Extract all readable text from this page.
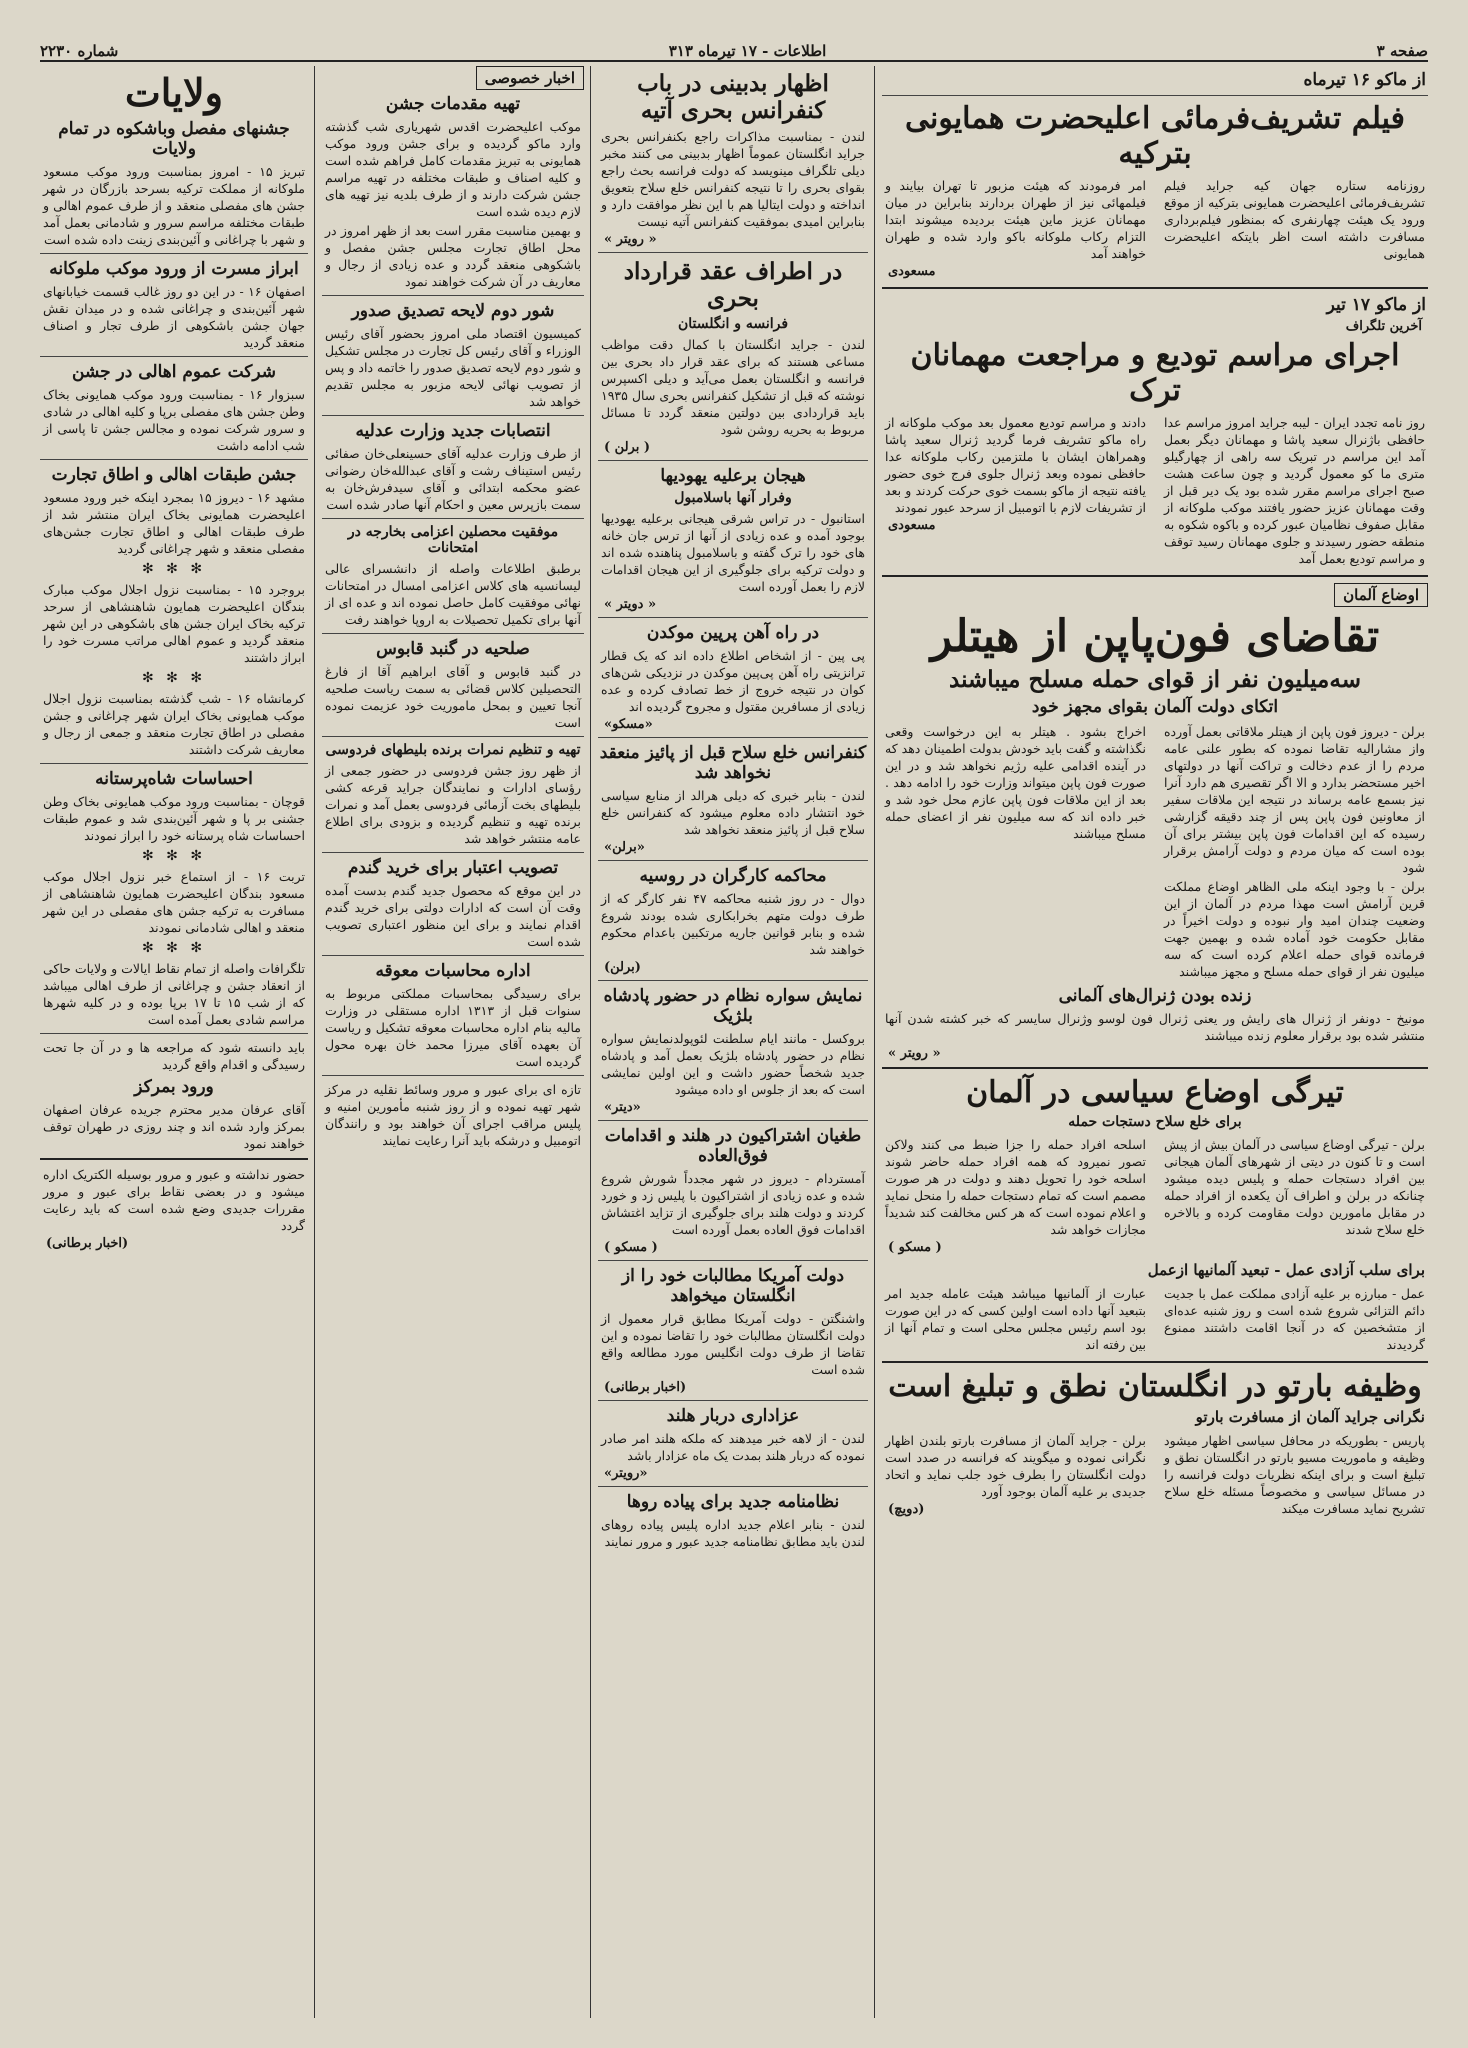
صفحه ۳
اطلاعات - ۱۷ تیرماه ۳۱۳
شماره ۲۲۳۰
از ماکو ۱۶ تیرماه
فیلم تشریف‌فرمائی اعلیحضرت همایونی بترکیه

روزنامه ستاره جهان کیه جراید فیلم تشریف‌فرمائی اعلیحضرت همایونی بترکیه از موقع ورود یک هیئت چهارنفری که بمنظور فیلم‌برداری مسافرت داشته است اظر بایتکه اعلیحضرت همایونی

امر فرمودند که هیئت مزبور تا تهران بیایند و فیلمهائی نیز از طهران بردارند بنابراین در میان مهمانان عزیز ماین هیئت بردیده میشوند ابتدا التزام رکاب ملوکانه باکو وارد شده و طهران خواهند آمد

مسعودی
از ماکو ۱۷ تیر
آخرین تلگراف
اجرای مراسم تودیع و مراجعت مهمانان ترک

روز نامه تجدد ایران - لیبه جراید امروز مراسم عدا حافظی باژنرال سعید پاشا و مهمانان دیگر بعمل آمد این مراسم در تبریک سه راهی از چهارگیلو متری ما کو معمول گردید و چون ساعت هشت صبح اجرای مراسم مقرر شده بود یک دیر قبل از وقت مهمانان عزیز حضور یافتند موکب ملوکانه از مقابل صفوف نظامیان عبور کرده و باکوه شکوه به منطقه حضور رسیدند و جلوی مهمانان رسید توقف و مراسم تودیع بعمل آمد

دادند و مراسم تودیع معمول بعد موکب ملوکانه از راه ماکو تشریف فرما گردید ژنرال سعید پاشا وهمراهان ایشان با ملتزمین رکاب ملوکانه عدا حافظی نموده وبعد ژنرال جلوی فرج خوی حضور یافته نتیجه از ماکو بسمت خوی حرکت کردند و بعد از تشریفات لازم با اتومبیل از سرحد عبور نمودند

مسعودی
اوضاع آلمان
تقاضای فون‌پاپن از هیتلر
سه‌میلیون نفر از قوای حمله مسلح میباشند
اتکای دولت آلمان بقوای مجهز خود

برلن - دیروز فون پاپن از هیتلر ملاقاتی بعمل آورده واز مشارالیه تقاضا نموده که بطور علنی عامه مردم را از عدم دخالت و تراکت آنها در دولتهای اخیر مستحضر بدارد و الا اگر تقصیری هم دارد آنرا نیز بسمع عامه برساند در نتیجه این ملاقات سفیر از معاونین فون پاپن پس از چند دقیقه گزارشی رسیده که این اقدامات فون پاپن بیشتر برای آن بوده است که میان مردم و دولت آرامش برقرار شود

برلن - با وجود اینکه ملی الظاهر اوضاع مملکت قرین آرامش است مهذا مردم در آلمان از این وضعیت چندان امید وار نبوده و دولت اخیراً در مقابل حکومت خود آماده شده و بهمین جهت فرمانده قوای حمله اعلام کرده است که سه میلیون نفر از قوای حمله مسلح و مجهز میباشند

اخراج بشود . هیتلر به این درخواست وقعی نگذاشته و گفت باید خودش بدولت اطمینان دهد که در آینده اقدامی علیه رژیم نخواهد شد و در این صورت فون پاپن میتواند وزارت خود را ادامه دهد . بعد از این ملاقات فون پاپن عازم محل خود شد و خبر داده اند که سه میلیون نفر از اعضای حمله مسلح میباشند

زنده بودن ژنرال‌های آلمانی

مونیخ - دونفر از ژنرال های رایش ور یعنی ژنرال فون لوسو وژنرال سایسر که خبر کشته شدن آنها منتشر شده بود برقرار معلوم زنده میباشند

« رویتر »
تیرگی اوضاع سیاسی در آلمان
برای خلع سلاح دستجات حمله

برلن - تیرگی اوضاع سیاسی در آلمان بیش از پیش است و تا کنون در دیتی از شهرهای آلمان هیجانی بین افراد دستجات حمله و پلیس دیده میشود چنانکه در برلن و اطراف آن یکعده از افراد حمله در مقابل مامورین دولت مقاومت کرده و بالاخره خلع سلاح شدند

اسلحه افراد حمله را جزا ضبط می کنند ولاکن تصور نمیرود که همه افراد حمله حاضر شوند اسلحه خود را تحویل دهند و دولت در هر صورت مصمم است که تمام دستجات حمله را منحل نماید و اعلام نموده است که هر کس مخالفت کند شدیداً مجازات خواهد شد

( مسکو )
برای سلب آزادی عمل - تبعید آلمانیها ازعمل

عمل - مبارزه بر علیه آزادی مملکت عمل با جدیت دائم التزائی شروع شده است و روز شنبه عده‌ای از متشخصین که در آنجا اقامت داشتند ممنوع گردیدند

عبارت از آلمانیها میباشد هیئت عامله جدید امر بتبعید آنها داده است اولین کسی که در این صورت بود اسم رئیس مجلس محلی است و تمام آنها از بین رفته اند

وظیفه بارتو در انگلستان نطق و تبلیغ است
نگرانی جراید آلمان از مسافرت بارتو

پاریس - بطوریکه در محافل سیاسی اظهار میشود وظیفه و ماموریت مسیو بارتو در انگلستان نطق و تبلیغ است و برای اینکه نظریات دولت فرانسه را در مسائل سیاسی و مخصوصاً مسئله خلع سلاح تشریح نماید مسافرت میکند

برلن - جراید آلمان از مسافرت بارتو بلندن اظهار نگرانی نموده و میگویند که فرانسه در صدد است دولت انگلستان را بطرف خود جلب نماید و اتحاد جدیدی بر علیه آلمان بوجود آورد

(دویچ)
اظهار بدبینی در باب کنفرانس بحری آتیه

لندن - بمناسبت مذاکرات راجع بکنفرانس بحری جراید انگلستان عموماً اظهار بدبینی می کنند مخبر دیلی تلگراف مینویسد که دولت فرانسه بحث راجع بقوای بحری را تا نتیجه کنفرانس خلع سلاح بتعویق انداخته و دولت ایتالیا هم با این نظر موافقت دارد و بنابراین امیدی بموفقیت کنفرانس آتیه نیست

« رویتر »
در اطراف عقد قرارداد بحری
فرانسه و انگلستان

لندن - جراید انگلستان با کمال دقت مواظب مساعی هستند که برای عقد قرار داد بحری بین فرانسه و انگلستان بعمل می‌آید و دیلی اکسپرس نوشته که قبل از تشکیل کنفرانس بحری سال ۱۹۳۵ باید قراردادی بین دولتین منعقد گردد تا مسائل مربوط به بحریه روشن شود

( برلن )
هیجان برعلیه یهودیها
وفرار آنها باسلامبول

استانبول - در تراس شرقی هیجانی برعلیه یهودیها بوجود آمده و عده زیادی از آنها از ترس جان خانه های خود را ترک گفته و باسلامبول پناهنده شده اند و دولت ترکیه برای جلوگیری از این هیجان اقدامات لازم را بعمل آورده است

« دویتر »
در راه آهن پرپین موکدن

پی پین - از اشخاص اطلاع داده اند که یک قطار ترانزیتی راه آهن پی‌پین موکدن در نزدیکی شن‌های کوان در نتیجه خروج از خط تصادف کرده و عده زیادی از مسافرین مقتول و مجروح گردیده اند

«مسکو»
کنفرانس خلع سلاح قبل از پائیز منعقد نخواهد شد

لندن - بنابر خبری که دیلی هرالد از منابع سیاسی خود انتشار داده معلوم میشود که کنفرانس خلع سلاح قبل از پائیز منعقد نخواهد شد

«برلن»
محاکمه کارگران در روسیه

دوال - در روز شنبه محاکمه ۴۷ نفر کارگر که از طرف دولت متهم بخرابکاری شده بودند شروع شده و بنابر قوانین جاریه مرتکبین باعدام محکوم خواهند شد

(برلن)
نمایش سواره نظام در حضور پادشاه بلژیک

بروکسل - مانند ایام سلطنت لئوپولدنمایش سواره نظام در حضور پادشاه بلژیک بعمل آمد و پادشاه جدید شخصاً حضور داشت و این اولین نمایشی است که بعد از جلوس او داده میشود

«دیتر»
طغیان اشتراکیون در هلند و اقدامات فوق‌العاده

آمستردام - دیروز در شهر مجدداً شورش شروع شده و عده زیادی از اشتراکیون با پلیس زد و خورد کردند و دولت هلند برای جلوگیری از تزاید اغتشاش اقدامات فوق العاده بعمل آورده است

( مسکو )
دولت آمریکا مطالبات خود را از انگلستان میخواهد

واشنگتن - دولت آمریکا مطابق قرار معمول از دولت انگلستان مطالبات خود را تقاضا نموده و این تقاضا از طرف دولت انگلیس مورد مطالعه واقع شده است

(اخبار برطانی)
عزاداری دربار هلند

لندن - از لاهه خبر میدهند که ملکه هلند امر صادر نموده که دربار هلند بمدت یک ماه عزادار باشد

«رویتر»
نظامنامه جدید برای پیاده روها

لندن - بنابر اعلام جدید اداره پلیس پیاده روهای لندن باید مطابق نظامنامه جدید عبور و مرور نمایند

اخبار خصوصی
تهیه مقدمات جشن

موکب اعلیحضرت اقدس شهریاری شب گذشته وارد ماکو گردیده و برای جشن ورود موکب همایونی به تبریز مقدمات کامل فراهم شده است و کلیه اصناف و طبقات مختلفه در تهیه مراسم جشن شرکت دارند و از طرف بلدیه نیز تهیه های لازم دیده شده است

و بهمین مناسبت مقرر است بعد از ظهر امروز در محل اطاق تجارت مجلس جشن مفصل و باشکوهی منعقد گردد و عده زیادی از رجال و معاریف در آن شرکت خواهند نمود

شور دوم لایحه تصدیق صدور

کمیسیون اقتصاد ملی امروز بحضور آقای رئیس الوزراء و آقای رئیس کل تجارت در مجلس تشکیل و شور دوم لایحه تصدیق صدور را خاتمه داد و پس از تصویب نهائی لایحه مزبور به مجلس تقدیم خواهد شد

انتصابات جدید وزارت عدلیه

از طرف وزارت عدلیه آقای حسینعلی‌خان صفائی رئیس استیناف رشت و آقای عبدالله‌خان رضوانی عضو محکمه ابتدائی و آقای سیدفرش‌خان به سمت بازپرس معین و احکام آنها صادر شده است

موفقیت محصلین اعزامی بخارجه در امتحانات

برطبق اطلاعات واصله از دانشسرای عالی لیسانسیه های کلاس اعزامی امسال در امتحانات نهائی موفقیت کامل حاصل نموده اند و عده ای از آنها برای تکمیل تحصیلات به اروپا خواهند رفت

صلحیه در گنبد قابوس

در گنبد قابوس و آقای ابراهیم آقا از فارغ التحصیلین کلاس قضائی به سمت ریاست صلحیه آنجا تعیین و بمحل ماموریت خود عزیمت نموده است

تهیه و تنظیم نمرات برنده بلیطهای فردوسی

از ظهر روز جشن فردوسی در حضور جمعی از رؤسای ادارات و نمایندگان جراید قرعه کشی بلیطهای بخت آزمائی فردوسی بعمل آمد و نمرات برنده تهیه و تنظیم گردیده و بزودی برای اطلاع عامه منتشر خواهد شد

تصویب اعتبار برای خرید گندم

در این موقع که محصول جدید گندم بدست آمده وقت آن است که ادارات دولتی برای خرید گندم اقدام نمایند و برای این منظور اعتباری تصویب شده است

اداره محاسبات معوقه

برای رسیدگی بمحاسبات مملکتی مربوط به سنوات قبل از ۱۳۱۳ اداره مستقلی در وزارت مالیه بنام اداره محاسبات معوقه تشکیل و ریاست آن بعهده آقای میرزا محمد خان بهره محول گردیده است

تازه ای برای عبور و مرور وسائط نقلیه در مرکز شهر تهیه نموده و از روز شنبه مأمورین امنیه و پلیس مراقب اجرای آن خواهند بود و رانندگان اتومبیل و درشکه باید آنرا رعایت نمایند

ولایات
جشنهای مفصل وباشکوه در تمام ولایات

تبریز ۱۵ - امروز بمناسبت ورود موکب مسعود ملوکانه از مملکت ترکیه بسرحد بازرگان در شهر جشن های مفصلی منعقد و از طرف عموم اهالی و طبقات مختلفه مراسم سرور و شادمانی بعمل آمد و شهر با چراغانی و آئین‌بندی زینت داده شده است

ابراز مسرت از ورود موکب ملوکانه

اصفهان ۱۶ - در این دو روز غالب قسمت خیابانهای شهر آئین‌بندی و چراغانی شده و در میدان نقش جهان جشن باشکوهی از طرف تجار و اصناف منعقد گردید

شرکت عموم اهالی در جشن

سبزوار ۱۶ - بمناسبت ورود موکب همایونی بخاک وطن جشن های مفصلی برپا و کلیه اهالی در شادی و سرور شرکت نموده و مجالس جشن تا پاسی از شب ادامه داشت

جشن طبقات اهالی و اطاق تجارت

مشهد ۱۶ - دیروز ۱۵ بمجرد اینکه خبر ورود مسعود اعلیحضرت همایونی بخاک ایران منتشر شد از طرف طبقات اهالی و اطاق تجارت جشن‌های مفصلی منعقد و شهر چراغانی گردید

✻ ✻ ✻

بروجرد ۱۵ - بمناسبت نزول اجلال موکب مبارک بندگان اعلیحضرت همایون شاهنشاهی از سرحد ترکیه بخاک ایران جشن های باشکوهی در این شهر منعقد گردید و عموم اهالی مراتب مسرت خود را ابراز داشتند

✻ ✻ ✻

کرمانشاه ۱۶ - شب گذشته بمناسبت نزول اجلال موکب همایونی بخاک ایران شهر چراغانی و جشن مفصلی در اطاق تجارت منعقد و جمعی از رجال و معاریف شرکت داشتند

احساسات شاه‌پرستانه

قوچان - بمناسبت ورود موکب همایونی بخاک وطن جشنی بر پا و شهر آئین‌بندی شد و عموم طبقات احساسات شاه پرستانه خود را ابراز نمودند

✻ ✻ ✻

تربت ۱۶ - از استماع خبر نزول اجلال موکب مسعود بندگان اعلیحضرت همایون شاهنشاهی از مسافرت به ترکیه جشن های مفصلی در این شهر منعقد و اهالی شادمانی نمودند

✻ ✻ ✻

تلگرافات واصله از تمام نقاط ایالات و ولایات حاکی از انعقاد جشن و چراغانی از طرف اهالی میباشد که از شب ۱۵ تا ۱۷ برپا بوده و در کلیه شهرها مراسم شادی بعمل آمده است

باید دانسته شود که مراجعه ها و در آن جا تحت رسیدگی و اقدام واقع گردید

ورود بمرکز

آقای عرفان مدیر محترم جریده عرفان اصفهان بمرکز وارد شده اند و چند روزی در طهران توقف خواهند نمود

حضور نداشته و عبور و مرور بوسیله الکتریک اداره میشود و در بعضی نقاط برای عبور و مرور مقررات جدیدی وضع شده است که باید رعایت گردد

(اخبار برطانی)
